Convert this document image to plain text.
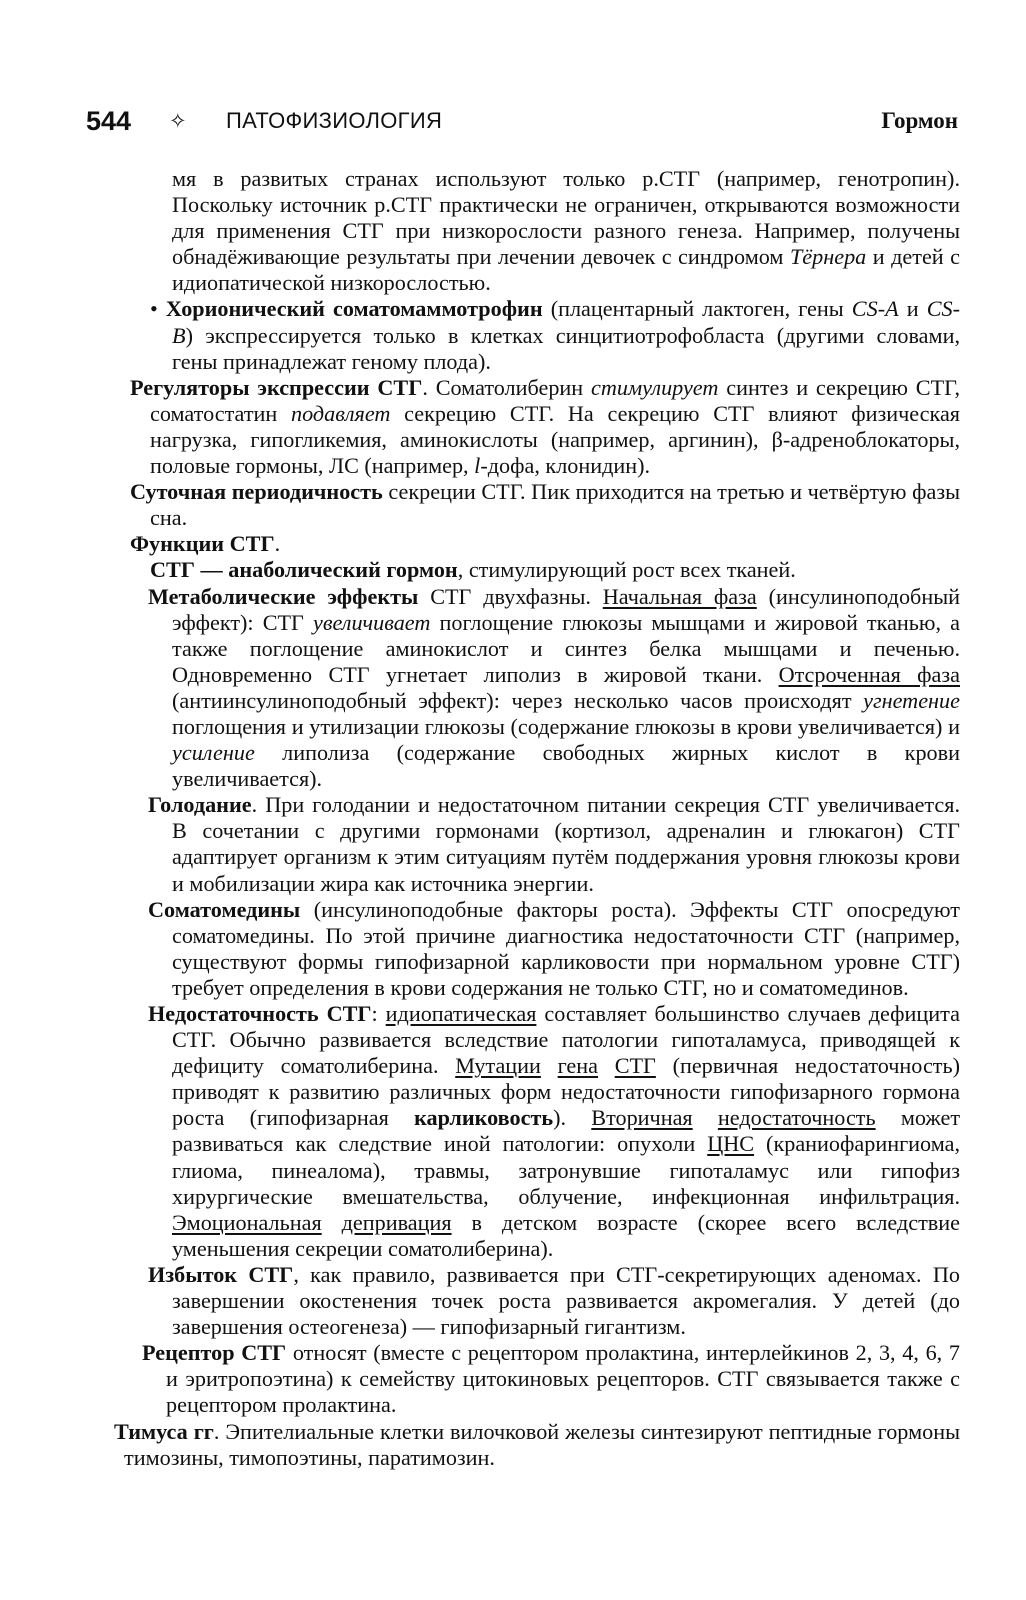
544 ✧ ПАТОФИЗИОЛОГИЯ	Гормон

мя в развитых странах используют только р.СТГ (например, генотропин). Поскольку источник р.СТГ практически не ограничен, открываются возможности для применения СТГ при низкорослости разного генеза. Например, получены обнадёживающие результаты при лечении девочек с синдромом Тёрнера и детей с идиопатической низкорослостью.

• Хорионический соматомаммотрофин (плацентарный лактоген, гены CS-A и CS-B) экспрессируется только в клетках синцитиотрофобласта (другими словами, гены принадлежат геному плода).

Регуляторы экспрессии СТГ. Соматолиберин стимулирует синтез и секрецию СТГ, соматостатин подавляет секрецию СТГ. На секрецию СТГ влияют физическая нагрузка, гипогликемия, аминокислоты (например, аргинин), β-адреноблокаторы, половые гормоны, ЛС (например, l-дофа, клонидин).

Суточная периодичность секреции СТГ. Пик приходится на третью и четвёртую фазы сна.

Функции СТГ.

СТГ — анаболический гормон, стимулирующий рост всех тканей.

Метаболические эффекты СТГ двухфазны. Начальная фаза (инсулиноподобный эффект): СТГ увеличивает поглощение глюкозы мышцами и жировой тканью, а также поглощение аминокислот и синтез белка мышцами и печенью. Одновременно СТГ угнетает липолиз в жировой ткани. Отсроченная фаза (антиинсулиноподобный эффект): через несколько часов происходят угнетение поглощения и утилизации глюкозы (содержание глюкозы в крови увеличивается) и усиление липолиза (содержание свободных жирных кислот в крови увеличивается).

Голодание. При голодании и недостаточном питании секреция СТГ увеличивается. В сочетании с другими гормонами (кортизол, адреналин и глюкагон) СТГ адаптирует организм к этим ситуациям путём поддержания уровня глюкозы крови и мобилизации жира как источника энергии.

Соматомедины (инсулиноподобные факторы роста). Эффекты СТГ опосредуют соматомедины. По этой причине диагностика недостаточности СТГ (например, существуют формы гипофизарной карликовости при нормальном уровне СТГ) требует определения в крови содержания не только СТГ, но и соматомединов.

Недостаточность СТГ: идиопатическая составляет большинство случаев дефицита СТГ. Обычно развивается вследствие патологии гипоталамуса, приводящей к дефициту соматолиберина. Мутации гена СТГ (первичная недостаточность) приводят к развитию различных форм недостаточности гипофизарного гормона роста (гипофизарная карликовость). Вторичная недостаточность может развиваться как следствие иной патологии: опухоли ЦНС (краниофарингиома, глиома, пинеалома), травмы, затронувшие гипоталамус или гипофиз хирургические вмешательства, облучение, инфекционная инфильтрация. Эмоциональная депривация в детском возрасте (скорее всего вследствие уменьшения секреции соматолиберина).

Избыток СТГ, как правило, развивается при СТГ-секретирующих аденомах. По завершении окостенения точек роста развивается акромегалия. У детей (до завершения остеогенеза) — гипофизарный гигантизм.

Рецептор СТГ относят (вместе с рецептором пролактина, интерлейкинов 2, 3, 4, 6, 7 и эритропоэтина) к семейству цитокиновых рецепторов. СТГ связывается также с рецептором пролактина.

Тимуса гг. Эпителиальные клетки вилочковой железы синтезируют пептидные гормоны тимозины, тимопоэтины, паратимозин.
